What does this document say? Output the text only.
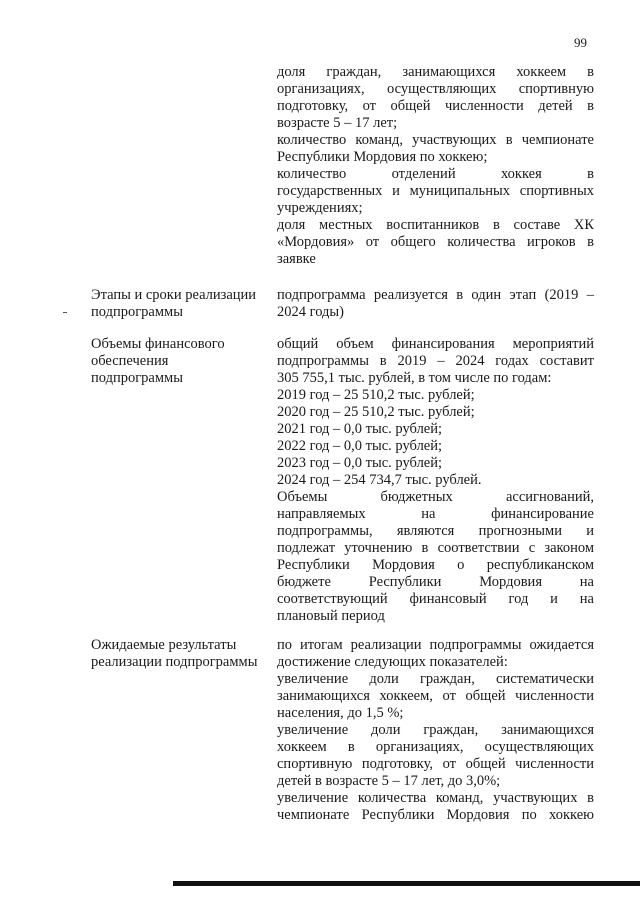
99
доля граждан, занимающихся хоккеем в
организациях, осуществляющих спортивную
подготовку, от общей численности детей в
возрасте 5 – 17 лет;
количество команд, участвующих в чемпионате
Республики Мордовия по хоккею;
количество отделений хоккея в
государственных и муниципальных спортивных
учреждениях;
доля местных воспитанников в составе ХК
«Мордовия» от общего количества игроков в
заявке
Этапы и сроки реализации
подпрограммы
подпрограмма реализуется в один этап (2019 –
2024 годы)
Объемы финансового
обеспечения
подпрограммы
общий объем финансирования мероприятий
подпрограммы в 2019 – 2024 годах составит
305 755,1 тыс. рублей, в том числе по годам:
2019 год – 25 510,2 тыс. рублей;
2020 год – 25 510,2 тыс. рублей;
2021 год – 0,0 тыс. рублей;
2022 год – 0,0 тыс. рублей;
2023 год – 0,0 тыс. рублей;
2024 год – 254 734,7 тыс. рублей.
Объемы бюджетных ассигнований,
направляемых на финансирование
подпрограммы, являются прогнозными и
подлежат уточнению в соответствии с законом
Республики Мордовия о республиканском
бюджете Республики Мордовия на
соответствующий финансовый год и на
плановый период
Ожидаемые результаты
реализации подпрограммы
по итогам реализации подпрограммы ожидается
достижение следующих показателей:
увеличение доли граждан, систематически
занимающихся хоккеем, от общей численности
населения, до 1,5 %;
увеличение доли граждан, занимающихся
хоккеем в организациях, осуществляющих
спортивную подготовку, от общей численности
детей в возрасте 5 – 17 лет, до 3,0%;
увеличение количества команд, участвующих в
чемпионате Республики Мордовия по хоккею
